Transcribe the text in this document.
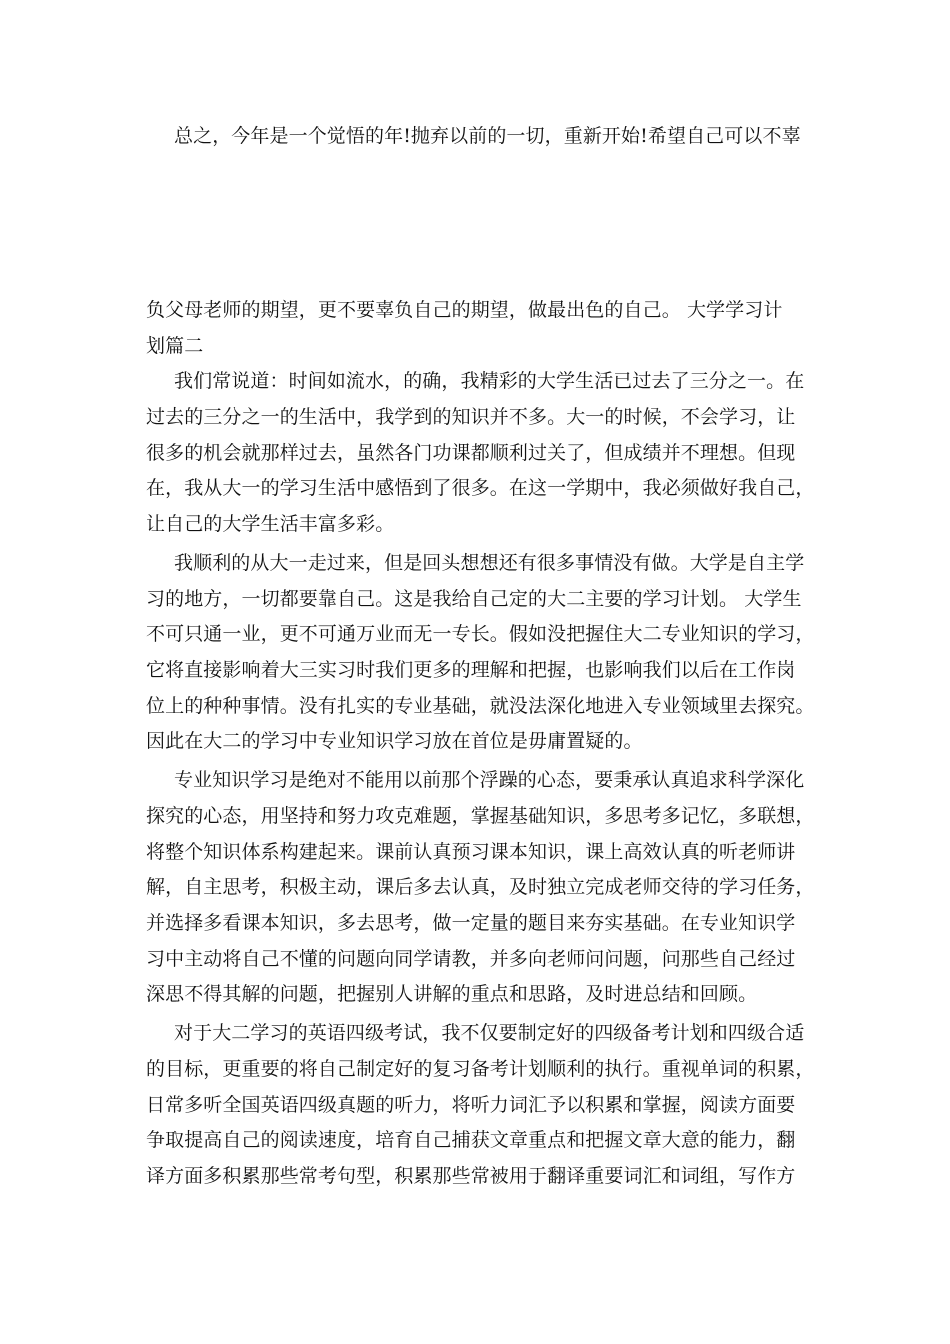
总之，今年是一个觉悟的年!抛弃以前的一切，重新开始!希望自己可以不辜
负父母老师的期望，更不要辜负自己的期望，做最出色的自己。 大学学习计
划篇二
我们常说道：时间如流水，的确，我精彩的大学生活已过去了三分之一。在
过去的三分之一的生活中，我学到的知识并不多。大一的时候，不会学习，让
很多的机会就那样过去，虽然各门功课都顺利过关了，但成绩并不理想。但现
在，我从大一的学习生活中感悟到了很多。在这一学期中，我必须做好我自己，
让自己的大学生活丰富多彩。
我顺利的从大一走过来，但是回头想想还有很多事情没有做。大学是自主学
习的地方，一切都要靠自己。这是我给自己定的大二主要的学习计划。 大学生
不可只通一业，更不可通万业而无一专长。假如没把握住大二专业知识的学习，
它将直接影响着大三实习时我们更多的理解和把握，也影响我们以后在工作岗
位上的种种事情。没有扎实的专业基础，就没法深化地进入专业领域里去探究。
因此在大二的学习中专业知识学习放在首位是毋庸置疑的。
专业知识学习是绝对不能用以前那个浮躁的心态，要秉承认真追求科学深化
探究的心态，用坚持和努力攻克难题，掌握基础知识，多思考多记忆，多联想，
将整个知识体系构建起来。课前认真预习课本知识，课上高效认真的听老师讲
解，自主思考，积极主动，课后多去认真，及时独立完成老师交待的学习任务，
并选择多看课本知识，多去思考，做一定量的题目来夯实基础。在专业知识学
习中主动将自己不懂的问题向同学请教，并多向老师问问题，问那些自己经过
深思不得其解的问题，把握别人讲解的重点和思路，及时进总结和回顾。
对于大二学习的英语四级考试，我不仅要制定好的四级备考计划和四级合适
的目标，更重要的将自己制定好的复习备考计划顺利的执行。重视单词的积累，
日常多听全国英语四级真题的听力，将听力词汇予以积累和掌握，阅读方面要
争取提高自己的阅读速度，培育自己捕获文章重点和把握文章大意的能力，翻
译方面多积累那些常考句型，积累那些常被用于翻译重要词汇和词组，写作方
